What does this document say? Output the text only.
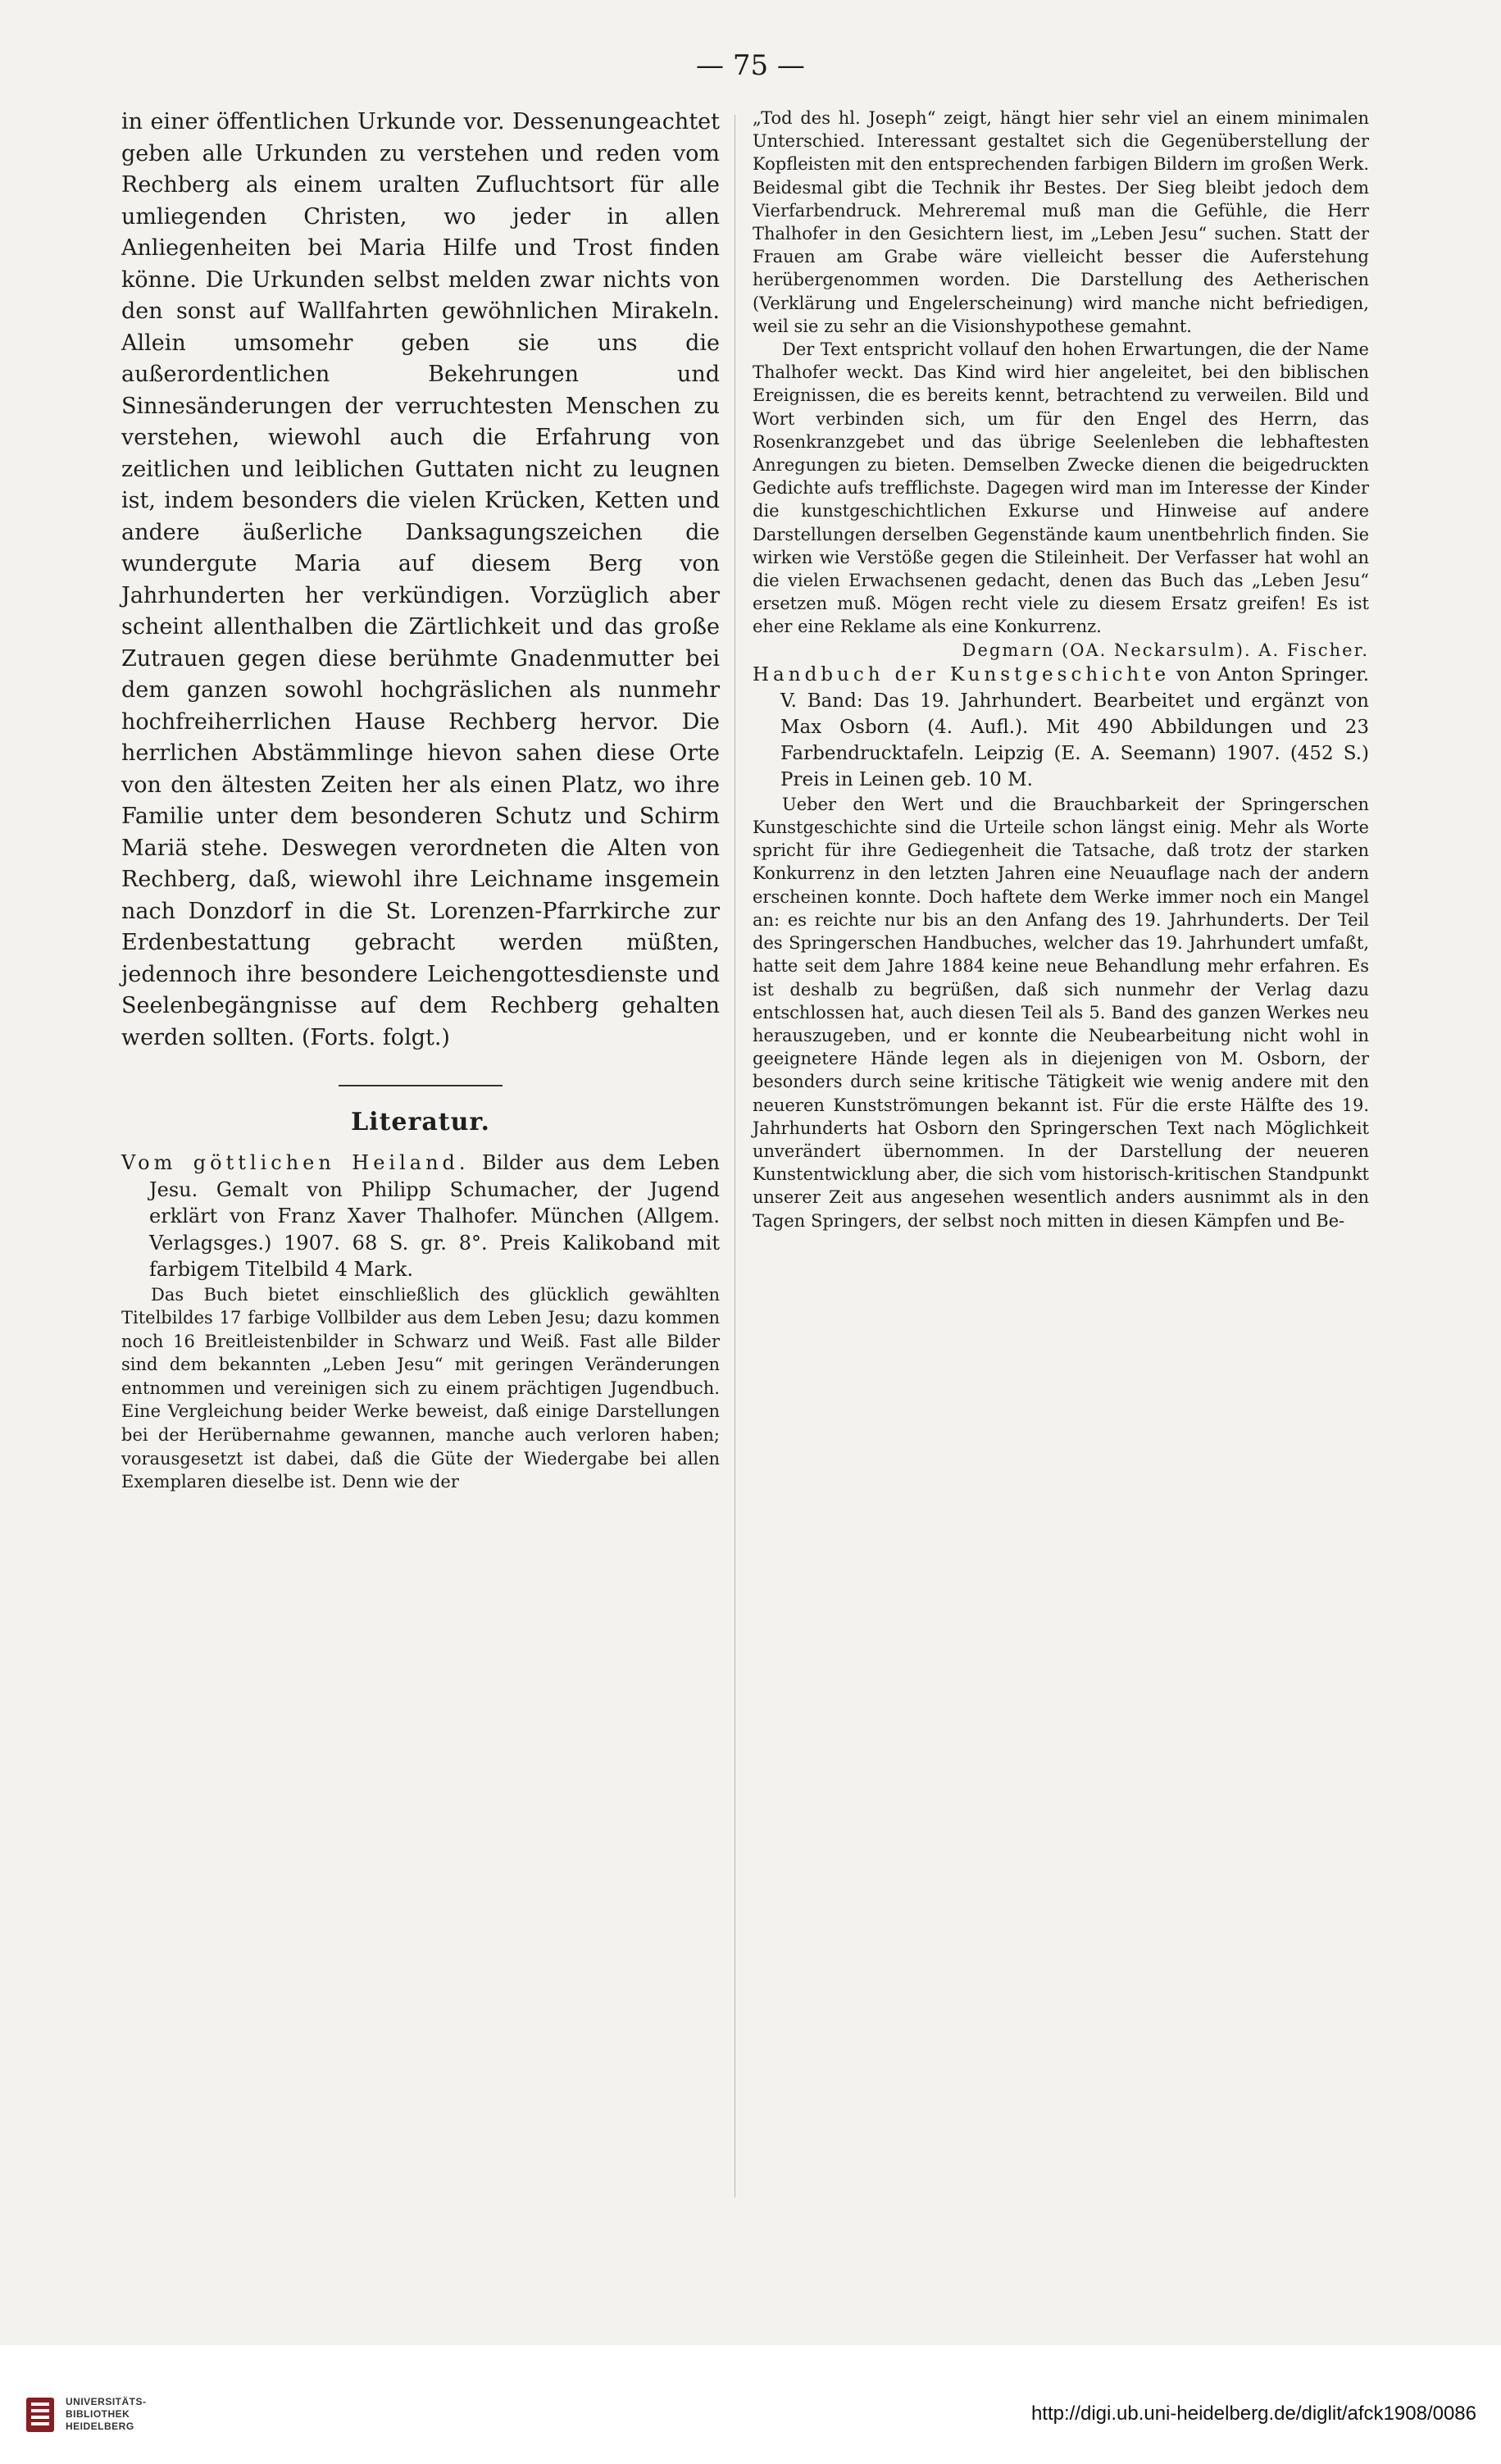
— 75 —

in einer öffentlichen Urkunde vor. Dessenungeachtet geben alle Urkunden zu verstehen und reden vom Rechberg als einem uralten Zufluchtsort für alle umliegenden Christen, wo jeder in allen Anliegenheiten bei Maria Hilfe und Trost finden könne. Die Urkunden selbst melden zwar nichts von den sonst auf Wallfahrten gewöhnlichen Mirakeln. Allein umsomehr geben sie uns die außerordentlichen Bekehrungen und Sinnesänderungen der verruchtesten Menschen zu verstehen, wiewohl auch die Erfahrung von zeitlichen und leiblichen Guttaten nicht zu leugnen ist, indem besonders die vielen Krücken, Ketten und andere äußerliche Danksagungszeichen die wundergute Maria auf diesem Berg von Jahrhunderten her verkündigen. Vorzüglich aber scheint allenthalben die Zärtlichkeit und das große Zutrauen gegen diese berühmte Gnadenmutter bei dem ganzen sowohl hochgräslichen als nunmehr hochfreiherrlichen Hause Rechberg hervor. Die herrlichen Abstämmlinge hievon sahen diese Orte von den ältesten Zeiten her als einen Platz, wo ihre Familie unter dem besonderen Schutz und Schirm Mariä stehe. Deswegen verordneten die Alten von Rechberg, daß, wiewohl ihre Leichname insgemein nach Donzdorf in die St. Lorenzen-Pfarrkirche zur Erdenbestattung gebracht werden müßten, jedennoch ihre besondere Leichengottesdienste und Seelenbegängnisse auf dem Rechberg gehalten werden sollten. (Forts. folgt.)

Literatur.

Vom göttlichen Heiland. Bilder aus dem Leben Jesu. Gemalt von Philipp Schumacher, der Jugend erklärt von Franz Xaver Thalhofer. München (Allgem. Verlagsges.) 1907. 68 S. gr. 8°. Preis Kalikoband mit farbigem Titelbild 4 Mark.

Das Buch bietet einschließlich des glücklich gewählten Titelbildes 17 farbige Vollbilder aus dem Leben Jesu; dazu kommen noch 16 Breitleistenbilder in Schwarz und Weiß. Fast alle Bilder sind dem bekannten „Leben Jesu“ mit geringen Veränderungen entnommen und vereinigen sich zu einem prächtigen Jugendbuch. Eine Vergleichung beider Werke beweist, daß einige Darstellungen bei der Herübernahme gewannen, manche auch verloren haben; vorausgesetzt ist dabei, daß die Güte der Wiedergabe bei allen Exemplaren dieselbe ist. Denn wie der

„Tod des hl. Joseph“ zeigt, hängt hier sehr viel an einem minimalen Unterschied. Interessant gestaltet sich die Gegenüberstellung der Kopfleisten mit den entsprechenden farbigen Bildern im großen Werk. Beidesmal gibt die Technik ihr Bestes. Der Sieg bleibt jedoch dem Vierfarbendruck. Mehreremal muß man die Gefühle, die Herr Thalhofer in den Gesichtern liest, im „Leben Jesu“ suchen. Statt der Frauen am Grabe wäre vielleicht besser die Auferstehung herübergenommen worden. Die Darstellung des Aetherischen (Verklärung und Engelerscheinung) wird manche nicht befriedigen, weil sie zu sehr an die Visionshypothese gemahnt.

Der Text entspricht vollauf den hohen Erwartungen, die der Name Thalhofer weckt. Das Kind wird hier angeleitet, bei den biblischen Ereignissen, die es bereits kennt, betrachtend zu verweilen. Bild und Wort verbinden sich, um für den Engel des Herrn, das Rosenkranzgebet und das übrige Seelenleben die lebhaftesten Anregungen zu bieten. Demselben Zwecke dienen die beigedruckten Gedichte aufs trefflichste. Dagegen wird man im Interesse der Kinder die kunstgeschichtlichen Exkurse und Hinweise auf andere Darstellungen derselben Gegenstände kaum unentbehrlich finden. Sie wirken wie Verstöße gegen die Stileinheit. Der Verfasser hat wohl an die vielen Erwachsenen gedacht, denen das Buch das „Leben Jesu“ ersetzen muß. Mögen recht viele zu diesem Ersatz greifen! Es ist eher eine Reklame als eine Konkurrenz.

Degmarn (OA. Neckarsulm). A. Fischer.

Handbuch der Kunstgeschichte von Anton Springer. V. Band: Das 19. Jahrhundert. Bearbeitet und ergänzt von Max Osborn (4. Aufl.). Mit 490 Abbildungen und 23 Farbendrucktafeln. Leipzig (E. A. Seemann) 1907. (452 S.) Preis in Leinen geb. 10 M.

Ueber den Wert und die Brauchbarkeit der Springerschen Kunstgeschichte sind die Urteile schon längst einig. Mehr als Worte spricht für ihre Gediegenheit die Tatsache, daß trotz der starken Konkurrenz in den letzten Jahren eine Neuauflage nach der andern erscheinen konnte. Doch haftete dem Werke immer noch ein Mangel an: es reichte nur bis an den Anfang des 19. Jahrhunderts. Der Teil des Springerschen Handbuches, welcher das 19. Jahrhundert umfaßt, hatte seit dem Jahre 1884 keine neue Behandlung mehr erfahren. Es ist deshalb zu begrüßen, daß sich nunmehr der Verlag dazu entschlossen hat, auch diesen Teil als 5. Band des ganzen Werkes neu herauszugeben, und er konnte die Neubearbeitung nicht wohl in geeignetere Hände legen als in diejenigen von M. Osborn, der besonders durch seine kritische Tätigkeit wie wenig andere mit den neueren Kunstströmungen bekannt ist. Für die erste Hälfte des 19. Jahrhunderts hat Osborn den Springerschen Text nach Möglichkeit unverändert übernommen. In der Darstellung der neueren Kunstentwicklung aber, die sich vom historisch-kritischen Standpunkt unserer Zeit aus angesehen wesentlich anders ausnimmt als in den Tagen Springers, der selbst noch mitten in diesen Kämpfen und Be-

UNIVERSITÄTS-
BIBLIOTHEK
HEIDELBERG
http://digi.ub.uni-heidelberg.de/diglit/afck1908/0086
